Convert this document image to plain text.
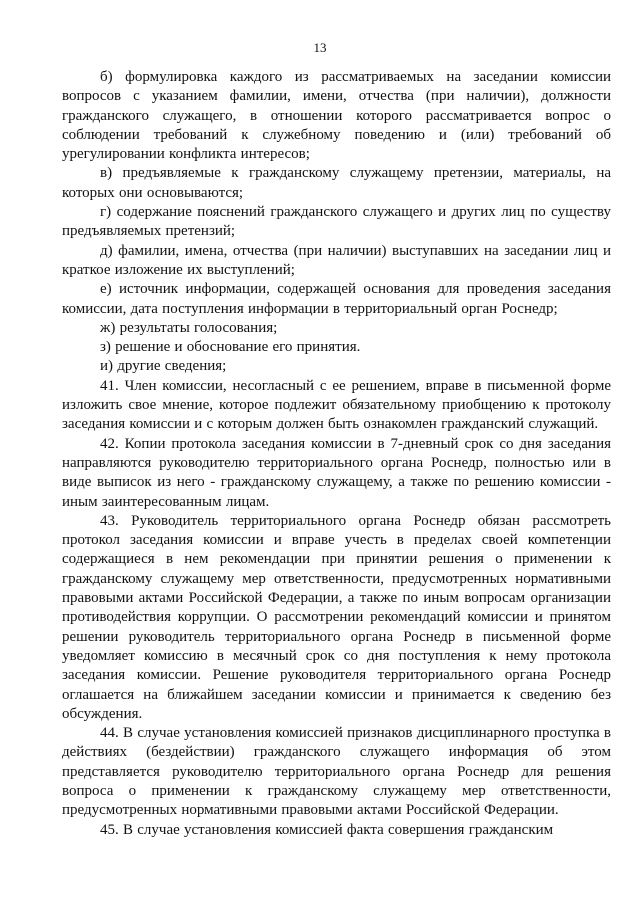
13

б) формулировка каждого из рассматриваемых на заседании комиссии вопросов с указанием фамилии, имени, отчества (при наличии), должности гражданского служащего, в отношении которого рассматривается вопрос о соблюдении требований к служебному поведению и (или) требований об урегулировании конфликта интересов;

в) предъявляемые к гражданскому служащему претензии, материалы, на которых они основываются;

г) содержание пояснений гражданского служащего и других лиц по существу предъявляемых претензий;

д) фамилии, имена, отчества (при наличии) выступавших на заседании лиц и краткое изложение их выступлений;

е) источник информации, содержащей основания для проведения заседания комиссии, дата поступления информации в территориальный орган Роснедр;

ж) результаты голосования;

з) решение и обоснование его принятия.

и) другие сведения;

41. Член комиссии, несогласный с ее решением, вправе в письменной форме изложить свое мнение, которое подлежит обязательному приобщению к протоколу заседания комиссии и с которым должен быть ознакомлен гражданский служащий.

42. Копии протокола заседания комиссии в 7-дневный срок со дня заседания направляются руководителю территориального органа Роснедр, полностью или в виде выписок из него - гражданскому служащему, а также по решению комиссии - иным заинтересованным лицам.

43. Руководитель территориального органа Роснедр обязан рассмотреть протокол заседания комиссии и вправе учесть в пределах своей компетенции содержащиеся в нем рекомендации при принятии решения о применении к гражданскому служащему мер ответственности, предусмотренных нормативными правовыми актами Российской Федерации, а также по иным вопросам организации противодействия коррупции. О рассмотрении рекомендаций комиссии и принятом решении руководитель территориального органа Роснедр в письменной форме уведомляет комиссию в месячный срок со дня поступления к нему протокола заседания комиссии. Решение руководителя территориального органа Роснедр оглашается на ближайшем заседании комиссии и принимается к сведению без обсуждения.

44. В случае установления комиссией признаков дисциплинарного проступка в действиях (бездействии) гражданского служащего информация об этом представляется руководителю территориального органа Роснедр для решения вопроса о применении к гражданскому служащему мер ответственности, предусмотренных нормативными правовыми актами Российской Федерации.

45. В случае установления комиссией факта совершения гражданским
